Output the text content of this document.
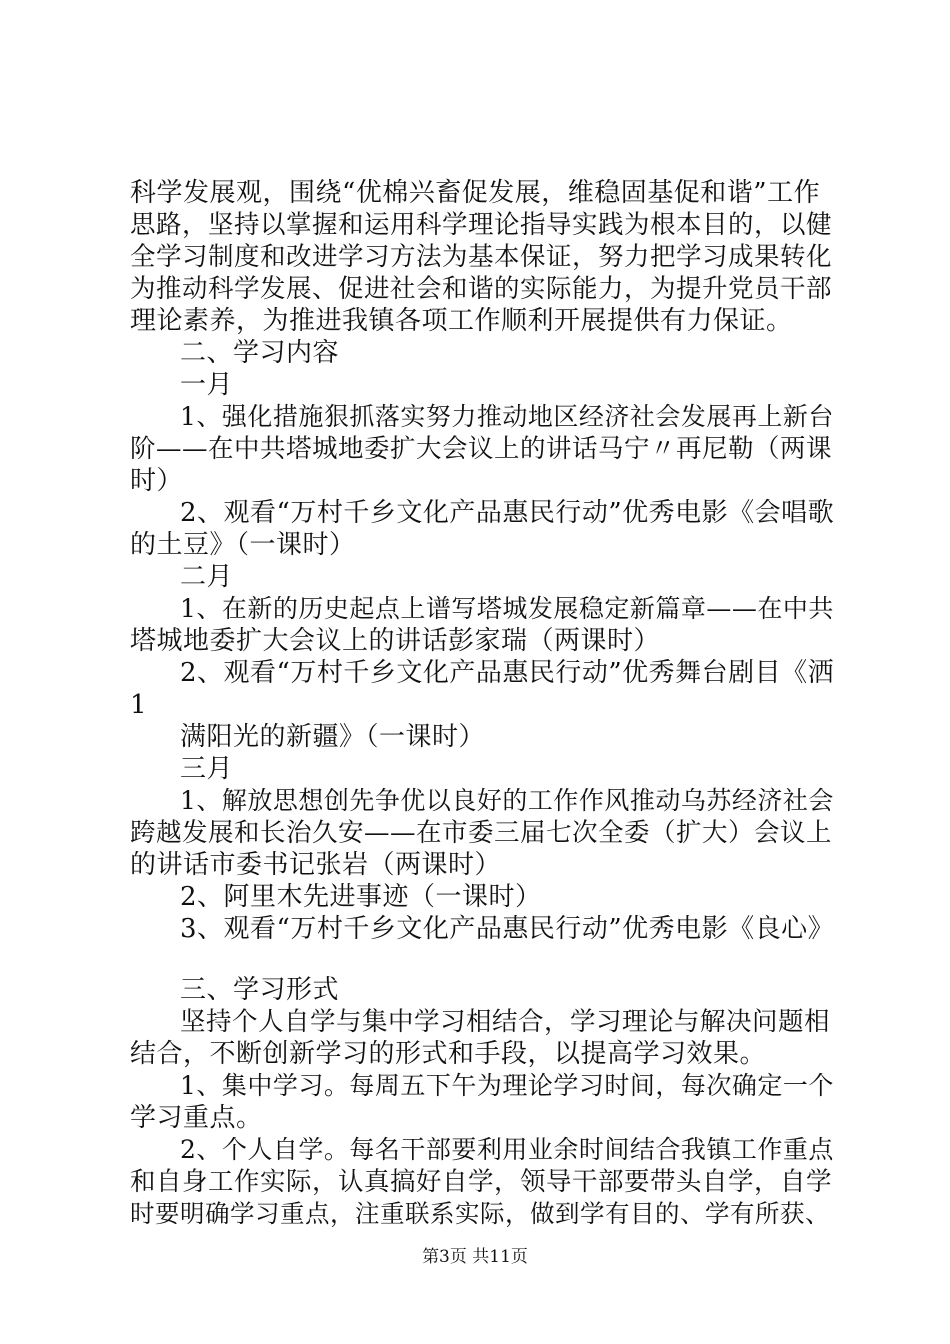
科学发展观，围绕“优棉兴畜促发展，维稳固基促和谐”工作
思路，坚持以掌握和运用科学理论指导实践为根本目的，以健
全学习制度和改进学习方法为基本保证，努力把学习成果转化
为推动科学发展、促进社会和谐的实际能力，为提升党员干部
理论素养，为推进我镇各项工作顺利开展提供有力保证。
二、学习内容
一月
1、强化措施狠抓落实努力推动地区经济社会发展再上新台
阶——在中共塔城地委扩大会议上的讲话马宁〃再尼勒（两课
时）
2、观看“万村千乡文化产品惠民行动”优秀电影《会唱歌
的土豆》（一课时）
二月
1、在新的历史起点上谱写塔城发展稳定新篇章——在中共
塔城地委扩大会议上的讲话彭家瑞（两课时）
2、观看“万村千乡文化产品惠民行动”优秀舞台剧目《洒
1
满阳光的新疆》（一课时）
三月
1、解放思想创先争优以良好的工作作风推动乌苏经济社会
跨越发展和长治久安——在市委三届七次全委（扩大）会议上
的讲话市委书记张岩（两课时）
2、阿里木先进事迹（一课时）
3、观看“万村千乡文化产品惠民行动”优秀电影《良心》
三、学习形式
坚持个人自学与集中学习相结合，学习理论与解决问题相
结合，不断创新学习的形式和手段，以提高学习效果。
1、集中学习。每周五下午为理论学习时间，每次确定一个
学习重点。
2、个人自学。每名干部要利用业余时间结合我镇工作重点
和自身工作实际，认真搞好自学，领导干部要带头自学，自学
时要明确学习重点，注重联系实际，做到学有目的、学有所获、
第3页 共11页
